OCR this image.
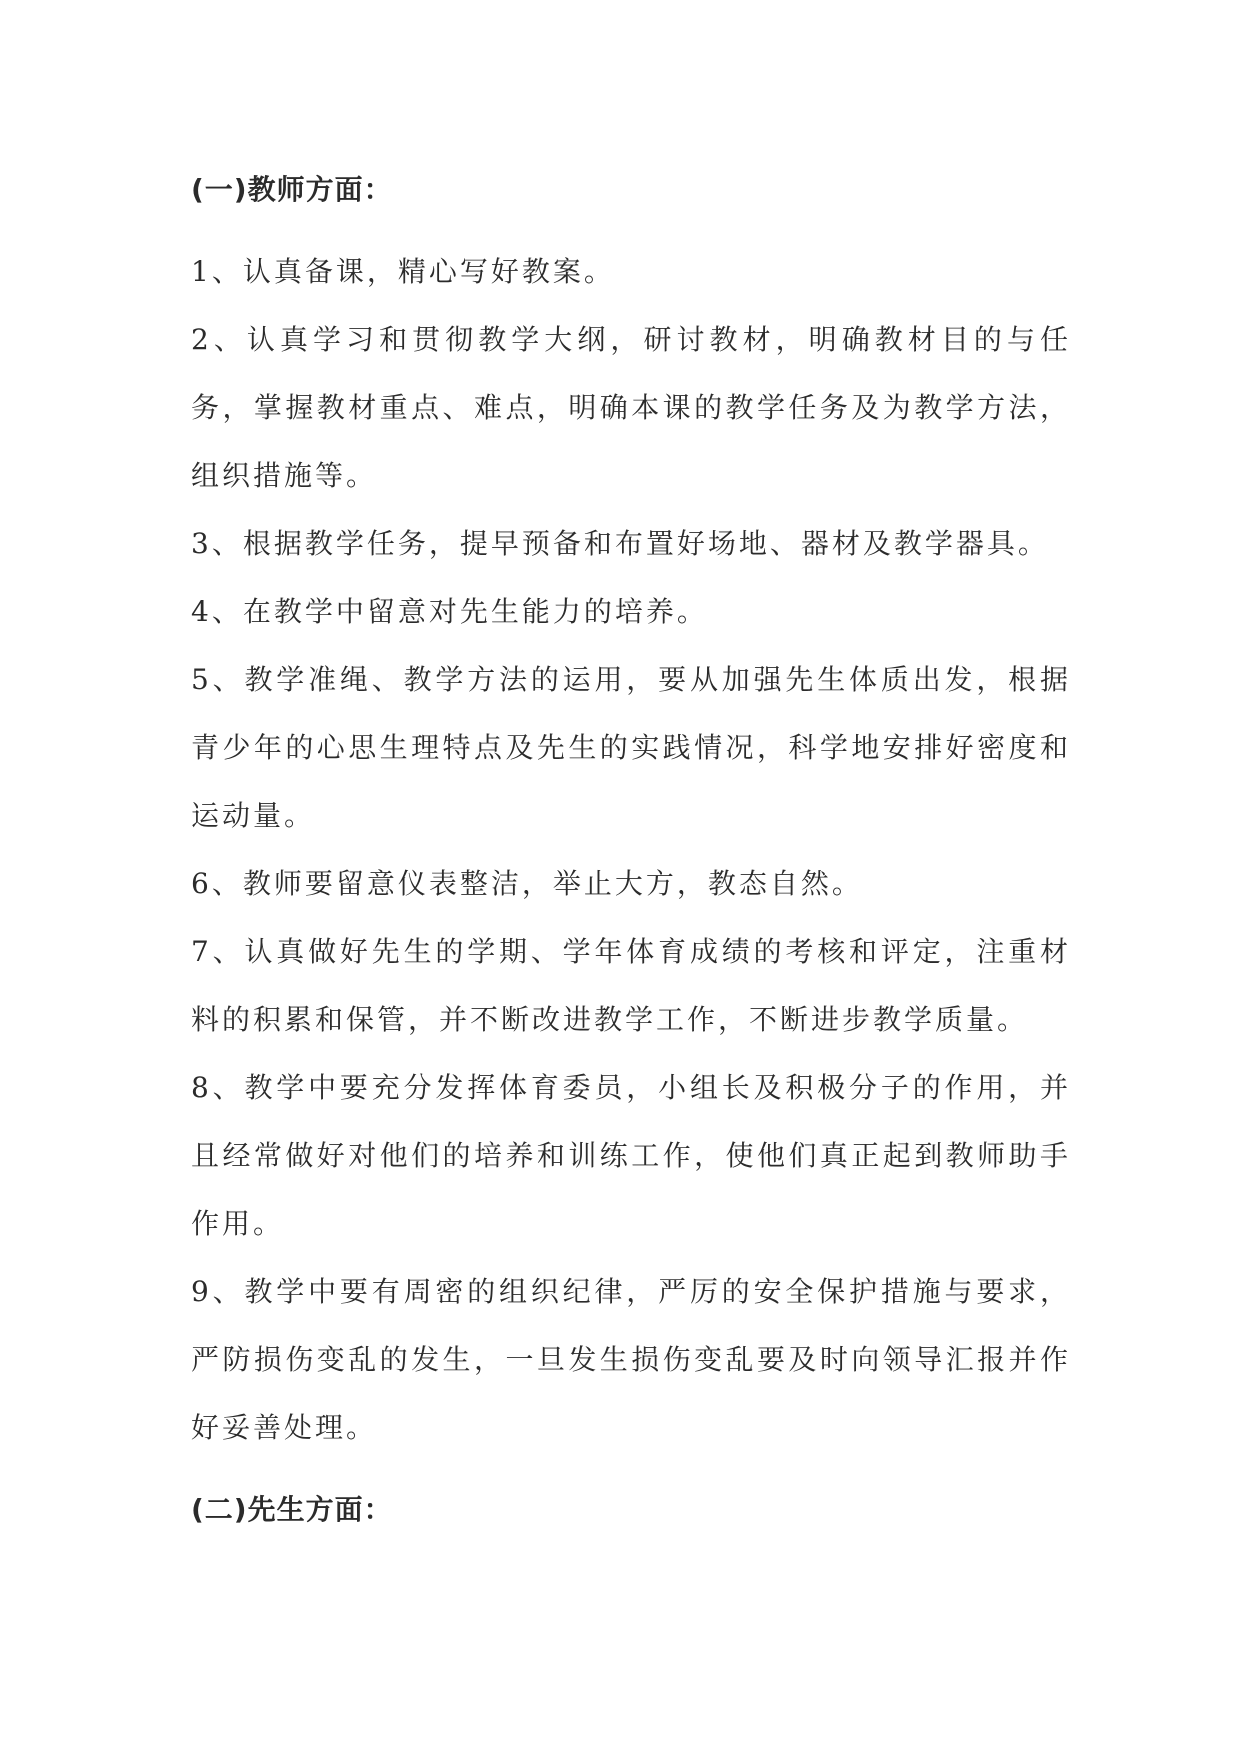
(一)教师方面：

1、认真备课，精心写好教案。

2、认真学习和贯彻教学大纲，研讨教材，明确教材目的与任务，掌握教材重点、难点，明确本课的教学任务及为教学方法，组织措施等。

3、根据教学任务，提早预备和布置好场地、器材及教学器具。

4、在教学中留意对先生能力的培养。

5、教学准绳、教学方法的运用，要从加强先生体质出发，根据青少年的心思生理特点及先生的实践情况，科学地安排好密度和运动量。

6、教师要留意仪表整洁，举止大方，教态自然。

7、认真做好先生的学期、学年体育成绩的考核和评定，注重材料的积累和保管，并不断改进教学工作，不断进步教学质量。

8、教学中要充分发挥体育委员，小组长及积极分子的作用，并且经常做好对他们的培养和训练工作，使他们真正起到教师助手作用。

9、教学中要有周密的组织纪律，严厉的安全保护措施与要求，严防损伤变乱的发生，一旦发生损伤变乱要及时向领导汇报并作好妥善处理。

(二)先生方面：
